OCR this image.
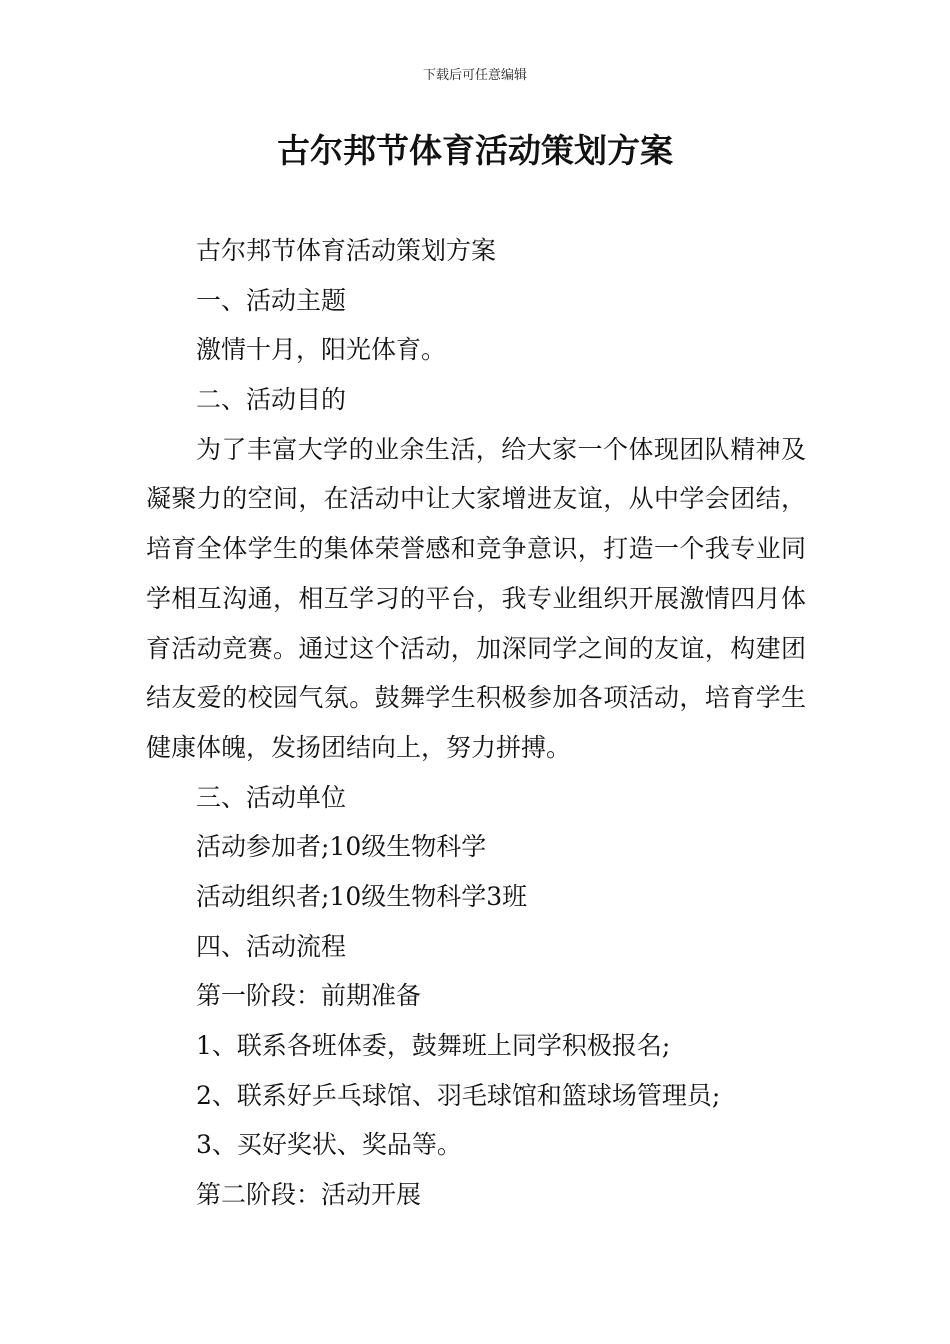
下载后可任意编辑
古尔邦节体育活动策划方案
古尔邦节体育活动策划方案
一、活动主题
激情十月，阳光体育。
二、活动目的

为了丰富大学的业余生活，给大家一个体现团队精神及凝聚力的空间，在活动中让大家增进友谊，从中学会团结，培育全体学生的集体荣誉感和竞争意识，打造一个我专业同学相互沟通，相互学习的平台，我专业组织开展激情四月体育活动竞赛。通过这个活动，加深同学之间的友谊，构建团结友爱的校园气氛。鼓舞学生积极参加各项活动，培育学生健康体魄，发扬团结向上，努力拼搏。

三、活动单位
活动参加者;10级生物科学
活动组织者;10级生物科学3班
四、活动流程
第一阶段：前期准备
1、联系各班体委，鼓舞班上同学积极报名;
2、联系好乒乓球馆、羽毛球馆和篮球场管理员;
3、买好奖状、奖品等。
第二阶段：活动开展
